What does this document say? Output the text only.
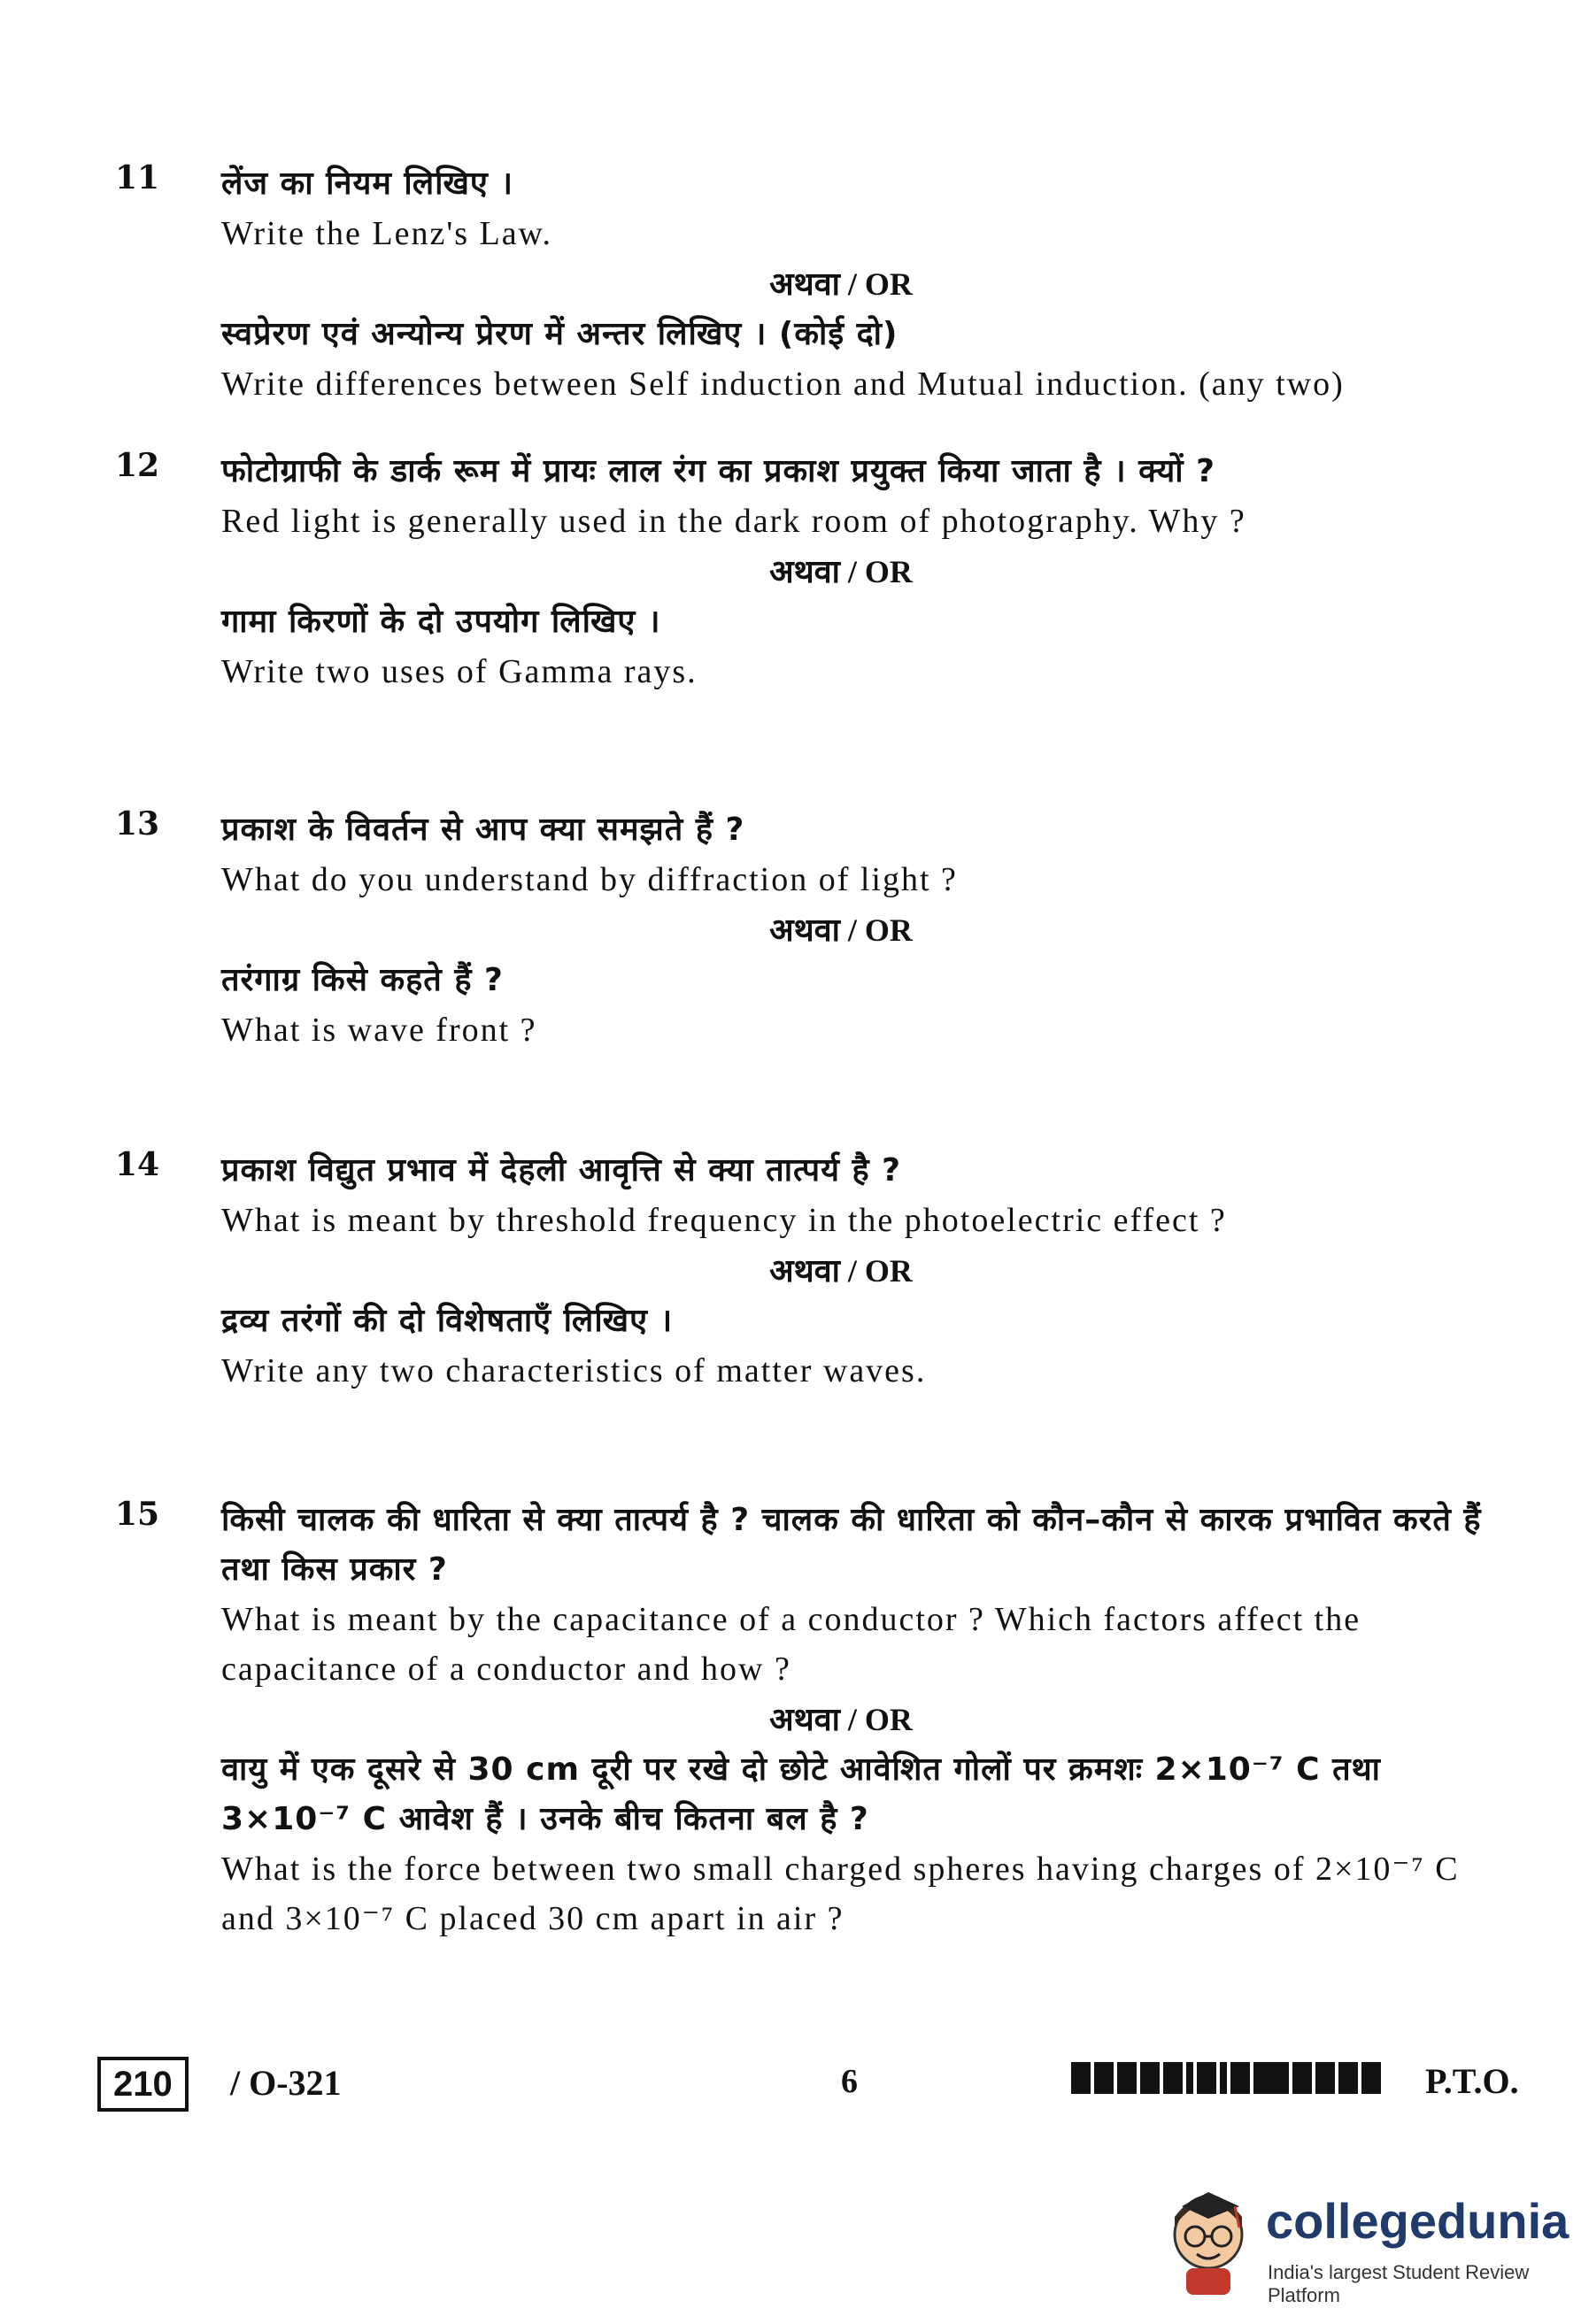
11	लेंज का नियम लिखिए ।
Write the Lenz's Law.
अथवा / OR
स्वप्रेरण एवं अन्योन्य प्रेरण में अन्तर लिखिए । (कोई दो)
Write differences between Self induction and Mutual induction. (any two)
12	फोटोग्राफी के डार्क रूम में प्रायः लाल रंग का प्रकाश प्रयुक्त किया जाता है । क्यों ?
Red light is generally used in the dark room of photography. Why ?
अथवा / OR
गामा किरणों के दो उपयोग लिखिए ।
Write two uses of Gamma rays.
13	प्रकाश के विवर्तन से आप क्या समझते हैं ?
What do you understand by diffraction of light ?
अथवा / OR
तरंगाग्र किसे कहते हैं ?
What is wave front ?
14	प्रकाश विद्युत प्रभाव में देहली आवृत्ति से क्या तात्पर्य है ?
What is meant by threshold frequency in the photoelectric effect ?
अथवा / OR
द्रव्य तरंगों की दो विशेषताएँ लिखिए ।
Write any two characteristics of matter waves.
15	किसी चालक की धारिता से क्या तात्पर्य है ? चालक की धारिता को कौन–कौन से कारक प्रभावित करते हैं तथा किस प्रकार ?
What is meant by the capacitance of a conductor ? Which factors affect the capacitance of a conductor and how ?
अथवा / OR
वायु में एक दूसरे से 30 cm दूरी पर रखे दो छोटे आवेशित गोलों पर क्रमशः 2×10⁻⁷ C तथा 3×10⁻⁷ C आवेश हैं । उनके बीच कितना बल है ?
What is the force between two small charged spheres having charges of 2×10⁻⁷ C and 3×10⁻⁷ C placed 30 cm apart in air ?
210	/ O-321	6	P.T.O.
collegedunia
India's largest Student Review Platform
